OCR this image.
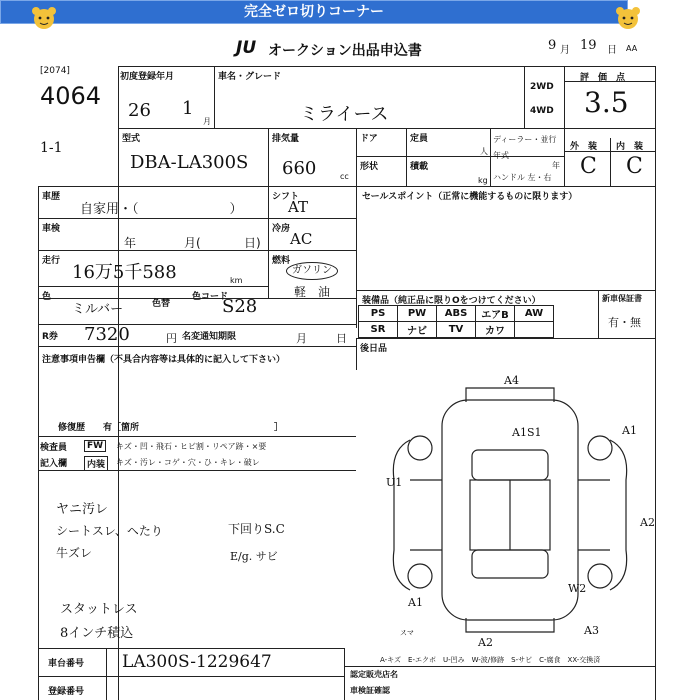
完全ゼロ切りコーナー
JU オークション出品申込書	9 月 19 日 AA
[2074]
4064
1-1
初度登録年月
26 1
月
車名・グレード
ミライース
2WD
4WD
評　価　点
3.5
型式
DBA-LA300S
排気量
660	cc
ドア	定員
人
形状	積載
kg
ディーラー・並行
年式
年
ハンドル 左・右
外　装 内　装
C C
車歴
自家用・（　　　　　　　）
シフト
AT
セールスポイント（正常に機能するものに限ります）
車検
年	月(	日)
冷房
AC
走行
16万5千588	km
燃料
ガソリン
軽　油
装備品（純正品に限りOをつけてください）
PS	PW	ABS	エアB	AW
SR	ナビ	TV	カワ	
新車保証書
有・無
色
ミルバー	色替
色コード
S28
R券 7320	円 名変通知期限	月	日
後日品
注意事項申告欄（不具合内容等は具体的に記入して下さい）
修復歴　　有［箇所　　　　　　　　　　　　　　　］
検査員
記入欄
FW	キズ・凹・飛石・ヒビ割・リペア跡・×要
内装	キズ・汚レ・コゲ・穴・ひ・キレ・破レ
ヤニ汚レ
シートスレ、ヘたり
牛ズレ
スタットレス
8インチ積込
下回りS.C
E/g. サビ
A4
A1S1	A1
U1
A2
A1
W2
A2
A3
スマ
A-キズ　E-エクボ　U-凹み　W-波/修跡　S-サビ　C-腐食　XX-交換済
車台番号 LA300S-1229647
登録番号
認定販売店名
車検証確認
